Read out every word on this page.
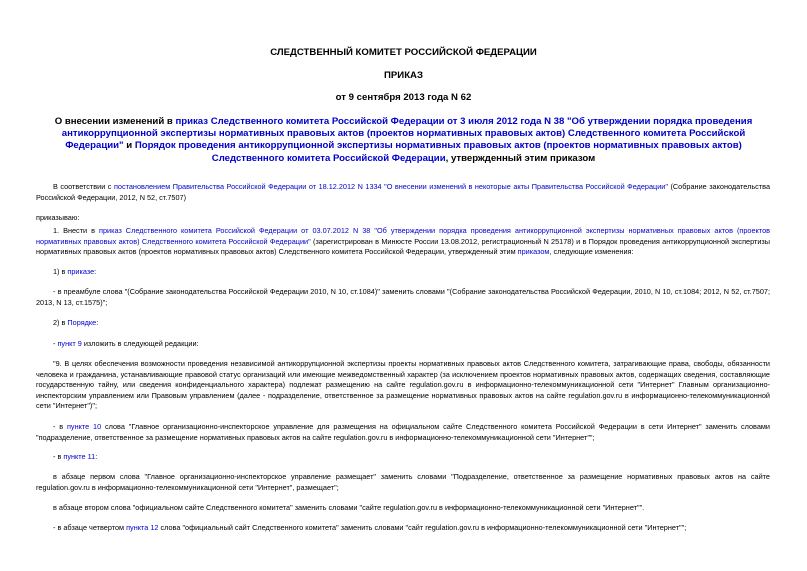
СЛЕДСТВЕННЫЙ КОМИТЕТ РОССИЙСКОЙ ФЕДЕРАЦИИ
ПРИКАЗ
от 9 сентября 2013 года N 62
О внесении изменений в приказ Следственного комитета Российской Федерации от 3 июля 2012 года N 38 "Об утверждении порядка проведения антикоррупционной экспертизы нормативных правовых актов (проектов нормативных правовых актов) Следственного комитета Российской Федерации" и Порядок проведения антикоррупционной экспертизы нормативных правовых актов (проектов нормативных правовых актов) Следственного комитета Российской Федерации, утвержденный этим приказом
В соответствии с постановлением Правительства Российской Федерации от 18.12.2012 N 1334 "О внесении изменений в некоторые акты Правительства Российской Федерации" (Собрание законодательства Российской Федерации, 2012, N 52, ст.7507)
приказываю:
1. Внести в приказ Следственного комитета Российской Федерации от 03.07.2012 N 38 "Об утверждении порядка проведения антикоррупционной экспертизы нормативных правовых актов (проектов нормативных правовых актов) Следственного комитета Российской Федерации" (зарегистрирован в Минюсте России 13.08.2012, регистрационный N 25178) и в Порядок проведения антикоррупционной экспертизы нормативных правовых актов (проектов нормативных правовых актов) Следственного комитета Российской Федерации, утвержденный этим приказом, следующие изменения:
1) в приказе:
- в преамбуле слова "(Собрание законодательства Российской Федерации 2010, N 10, ст.1084)" заменить словами "(Собрание законодательства Российской Федерации, 2010, N 10, ст.1084; 2012, N 52, ст.7507; 2013, N 13, ст.1575)";
2) в Порядке:
- пункт 9 изложить в следующей редакции:
"9. В целях обеспечения возможности проведения независимой антикоррупционной экспертизы проекты нормативных правовых актов Следственного комитета, затрагивающие права, свободы, обязанности человека и гражданина, устанавливающие правовой статус организаций или имеющие межведомственный характер (за исключением проектов нормативных правовых актов, содержащих сведения, составляющие государственную тайну, или сведения конфиденциального характера) подлежат размещению на сайте regulation.gov.ru в информационно-телекоммуникационной сети "Интернет" Главным организационно-инспекторским управлением или Правовым управлением (далее - подразделение, ответственное за размещение нормативных правовых актов на сайте regulation.gov.ru в информационно-телекоммуникационной сети "Интернет")";
- в пункте 10 слова "Главное организационно-инспекторское управление для размещения на официальном сайте Следственного комитета Российской Федерации в сети Интернет" заменить словами "подразделение, ответственное за размещение нормативных правовых актов на сайте regulation.gov.ru в информационно-телекоммуникационной сети "Интернет"";
- в пункте 11:
в абзаце первом слова "Главное организационно-инспекторское управление размещает" заменить словами "Подразделение, ответственное за размещение нормативных правовых актов на сайте regulation.gov.ru в информационно-телекоммуникационной сети "Интернет", размещает";
в абзаце втором слова "официальном сайте Следственного комитета" заменить словами "сайте regulation.gov.ru в информационно-телекоммуникационной сети "Интернет"".
- в абзаце четвертом пункта 12 слова "официальный сайт Следственного комитета" заменить словами "сайт regulation.gov.ru в информационно-телекоммуникационной сети "Интернет"";
